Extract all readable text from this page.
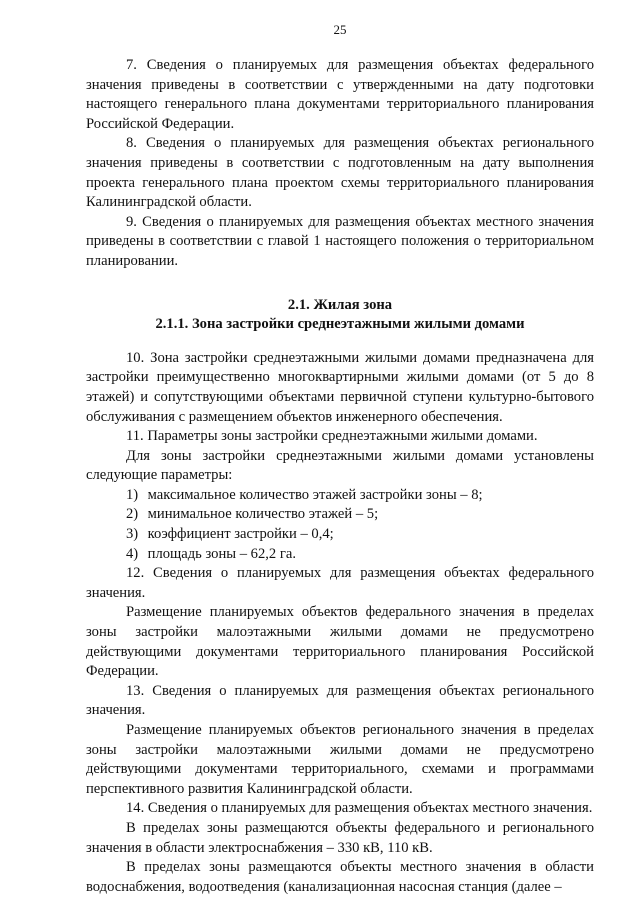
25

7. Сведения о планируемых для размещения объектах федерального значения приведены в соответствии с утвержденными на дату подготовки настоящего генерального плана документами территориального планирования Российской Федерации.

8. Сведения о планируемых для размещения объектах регионального значения приведены в соответствии с подготовленным на дату выполнения проекта генерального плана проектом схемы территориального планирования Калининградской области.

9. Сведения о планируемых для размещения объектах местного значения приведены в соответствии с главой 1 настоящего положения о территориальном планировании.

2.1. Жилая зона

2.1.1. Зона застройки среднеэтажными жилыми домами

10. Зона застройки среднеэтажными жилыми домами предназначена для застройки преимущественно многоквартирными жилыми домами (от 5 до 8 этажей) и сопутствующими объектами первичной ступени культурно-бытового обслуживания с размещением объектов инженерного обеспечения.

11. Параметры зоны застройки среднеэтажными жилыми домами.

Для зоны застройки среднеэтажными жилыми домами установлены следующие параметры:

1) максимальное количество этажей застройки зоны – 8;
2) минимальное количество этажей – 5;
3) коэффициент застройки – 0,4;
4) площадь зоны – 62,2 га.

12. Сведения о планируемых для размещения объектах федерального значения.

Размещение планируемых объектов федерального значения в пределах зоны застройки малоэтажными жилыми домами не предусмотрено действующими документами территориального планирования Российской Федерации.

13. Сведения о планируемых для размещения объектах регионального значения.

Размещение планируемых объектов регионального значения в пределах зоны застройки малоэтажными жилыми домами не предусмотрено действующими документами территориального, схемами и программами перспективного развития Калининградской области.

14. Сведения о планируемых для размещения объектах местного значения.

В пределах зоны размещаются объекты федерального и регионального значения в области электроснабжения – 330 кВ, 110 кВ.

В пределах зоны размещаются объекты местного значения в области водоснабжения, водоотведения (канализационная насосная станция (далее –
